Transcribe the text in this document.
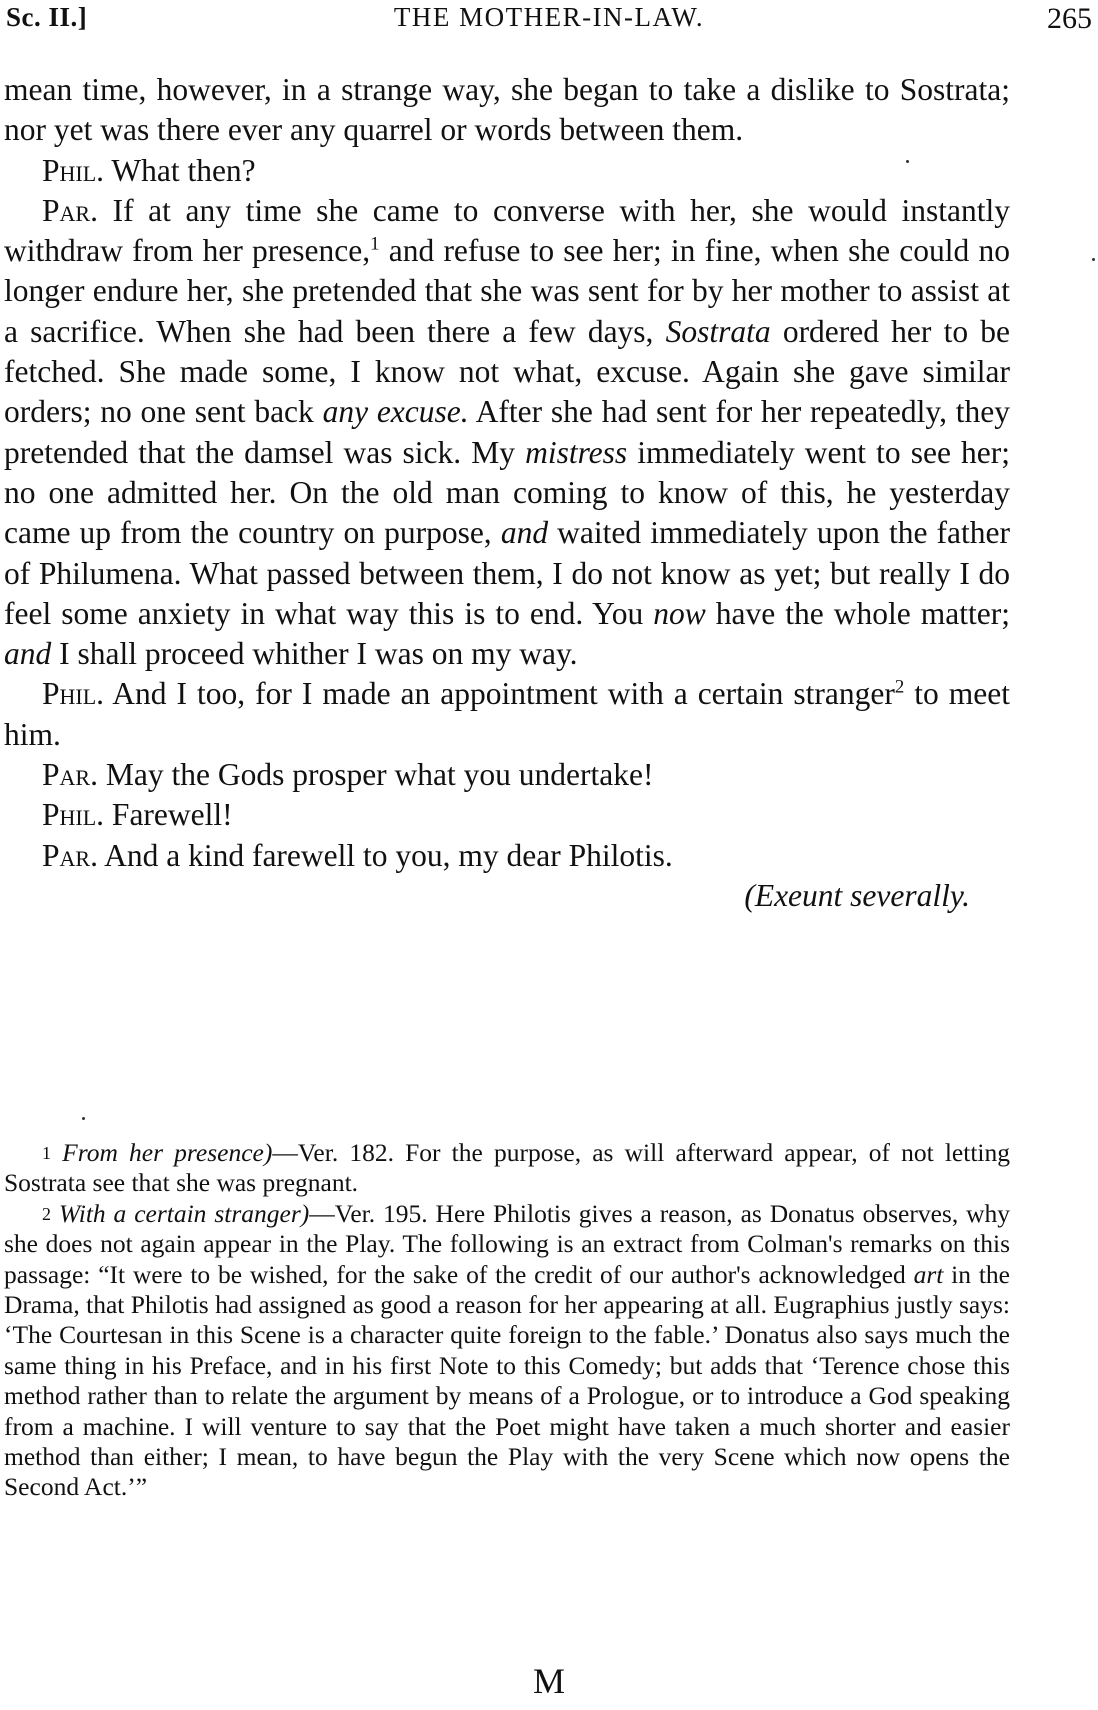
Sc. II.]	THE MOTHER-IN-LAW.	265

mean time, however, in a strange way, she began to take a dislike to Sostrata; nor yet was there ever any quarrel or words between them.

Phil. What then?

Par. If at any time she came to converse with her, she would instantly withdraw from her presence,$^1$ and refuse to see her; in fine, when she could no longer endure her, she pretended that she was sent for by her mother to assist at a sacrifice. When she had been there a few days, Sostrata ordered her to be fetched. She made some, I know not what, excuse. Again she gave similar orders; no one sent back any excuse. After she had sent for her repeatedly, they pretended that the damsel was sick. My mistress immediately went to see her; no one admitted her. On the old man coming to know of this, he yesterday came up from the country on purpose, and waited immediately upon the father of Philumena. What passed between them, I do not know as yet; but really I do feel some anxiety in what way this is to end. You now have the whole matter; and I shall proceed whither I was on my way.

Phil. And I too, for I made an appointment with a certain stranger$^2$ to meet him.

Par. May the Gods prosper what you undertake!

Phil. Farewell!

Par. And a kind farewell to you, my dear Philotis.

(Exeunt severally.

$^1$ From her presence)—Ver. 182. For the purpose, as will afterward appear, of not letting Sostrata see that she was pregnant.

$^2$ With a certain stranger)—Ver. 195. Here Philotis gives a reason, as Donatus observes, why she does not again appear in the Play. The following is an extract from Colman's remarks on this passage: “It were to be wished, for the sake of the credit of our author's acknowledged art in the Drama, that Philotis had assigned as good a reason for her appearing at all. Eugraphius justly says: ‘The Courtesan in this Scene is a character quite foreign to the fable.’ Donatus also says much the same thing in his Preface, and in his first Note to this Comedy; but adds that ‘Terence chose this method rather than to relate the argument by means of a Prologue, or to introduce a God speaking from a machine. I will venture to say that the Poet might have taken a much shorter and easier method than either; I mean, to have begun the Play with the very Scene which now opens the Second Act.’”

M
